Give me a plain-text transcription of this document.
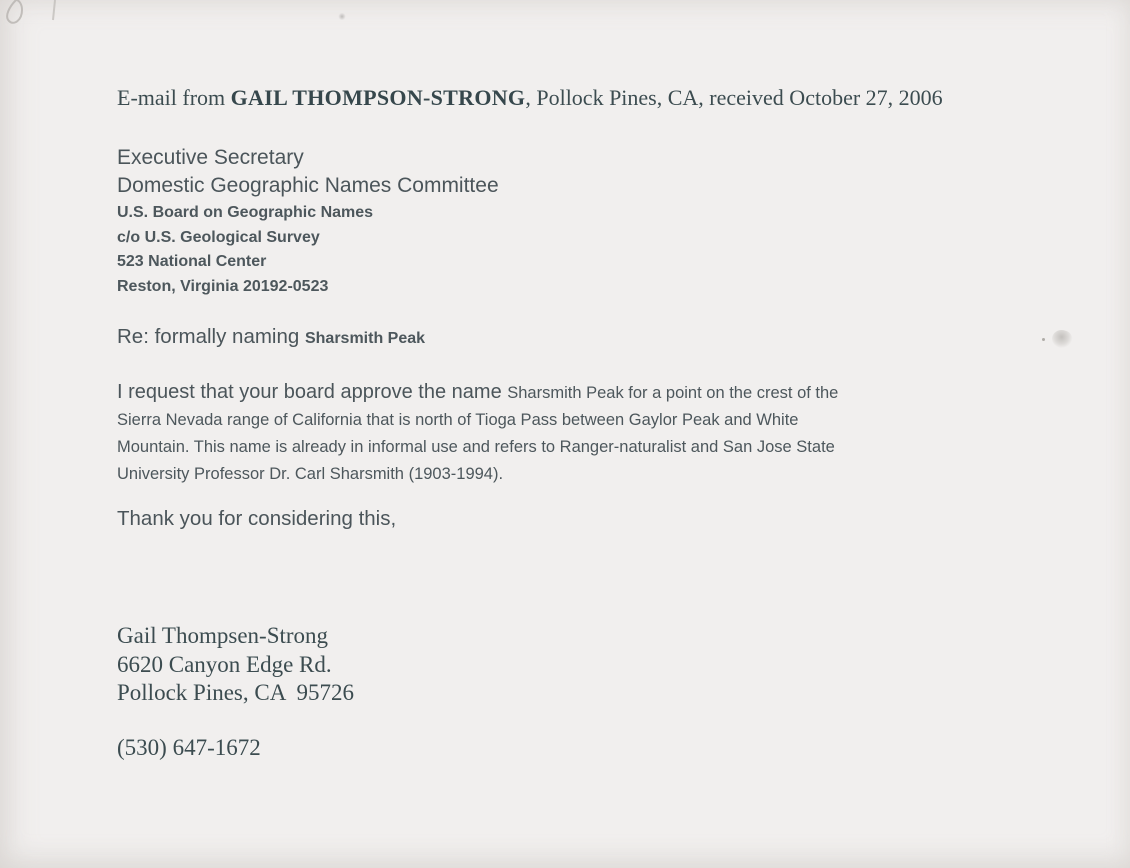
E-mail from GAIL THOMPSON-STRONG, Pollock Pines, CA, received October 27, 2006
Executive Secretary
Domestic Geographic Names Committee
U.S. Board on Geographic Names
c/o U.S. Geological Survey
523 National Center
Reston, Virginia 20192-0523
Re: formally naming Sharsmith Peak
I request that your board approve the name Sharsmith Peak for a point on the crest of the
Sierra Nevada range of California that is north of Tioga Pass between Gaylor Peak and White
Mountain. This name is already in informal use and refers to Ranger-naturalist and San Jose State
University Professor Dr. Carl Sharsmith (1903-1994).
Thank you for considering this,
Gail Thompsen-Strong
6620 Canyon Edge Rd.
Pollock Pines, CA  95726
(530) 647-1672
